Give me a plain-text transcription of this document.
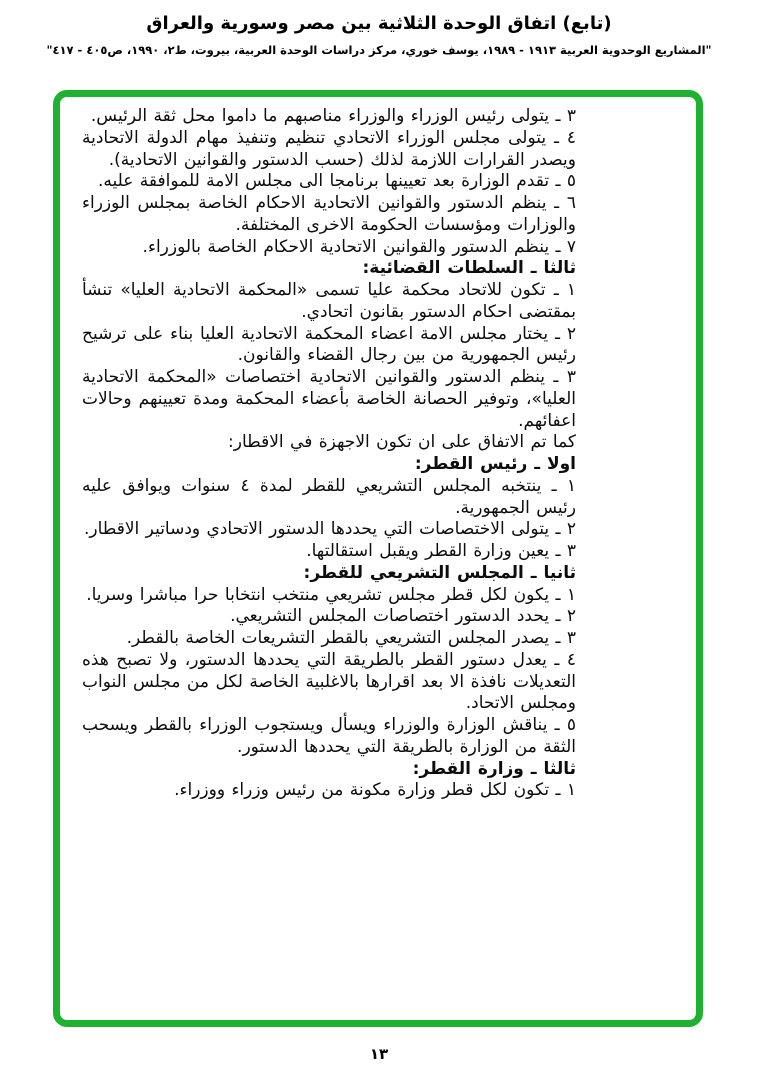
(تابع) اتفاق الوحدة الثلاثية بين مصر وسورية والعراق
"المشاريع الوحدوية العربية ١٩١٣ - ١٩٨٩، يوسف خوري، مركز دراسات الوحدة العربية، بيروت، ط٢، ١٩٩٠، ص٤٠٥ - ٤١٧"

٣ ـ يتولى رئيس الوزراء والوزراء مناصبهم ما داموا محل ثقة الرئيس.

٤ ـ يتولى مجلس الوزراء الاتحادي تنظيم وتنفيذ مهام الدولة الاتحادية ويصدر القرارات اللازمة لذلك (حسب الدستور والقوانين الاتحادية).

٥ ـ تقدم الوزارة بعد تعيينها برنامجا الى مجلس الامة للموافقة عليه.

٦ ـ ينظم الدستور والقوانين الاتحادية الاحكام الخاصة بمجلس الوزراء والوزارات ومؤسسات الحكومة الاخرى المختلفة.

٧ ـ ينظم الدستور والقوانين الاتحادية الاحكام الخاصة بالوزراء.

ثالثا ـ السلطات القضائية:

١ ـ تكون للاتحاد محكمة عليا تسمى «المحكمة الاتحادية العليا» تنشأ بمقتضى احكام الدستور بقانون اتحادي.

٢ ـ يختار مجلس الامة اعضاء المحكمة الاتحادية العليا بناء على ترشيح رئيس الجمهورية من بين رجال القضاء والقانون.

٣ ـ ينظم الدستور والقوانين الاتحادية اختصاصات «المحكمة الاتحادية العليا»، وتوفير الحصانة الخاصة بأعضاء المحكمة ومدة تعيينهم وحالات اعفائهم.

كما تم الاتفاق على ان تكون الاجهزة في الاقطار:

اولا ـ رئيس القطر:

١ ـ ينتخبه المجلس التشريعي للقطر لمدة ٤ سنوات ويوافق عليه رئيس الجمهورية.

٢ ـ يتولى الاختصاصات التي يحددها الدستور الاتحادي ودساتير الاقطار.

٣ ـ يعين وزارة القطر ويقبل استقالتها.

ثانيا ـ المجلس التشريعي للقطر:

١ ـ يكون لكل قطر مجلس تشريعي منتخب انتخابا حرا مباشرا وسريا.

٢ ـ يحدد الدستور اختصاصات المجلس التشريعي.

٣ ـ يصدر المجلس التشريعي بالقطر التشريعات الخاصة بالقطر.

٤ ـ يعدل دستور القطر بالطريقة التي يحددها الدستور، ولا تصبح هذه التعديلات نافذة الا بعد اقرارها بالاغلبية الخاصة لكل من مجلس النواب ومجلس الاتحاد.

٥ ـ يناقش الوزارة والوزراء ويسأل ويستجوب الوزراء بالقطر ويسحب الثقة من الوزارة بالطريقة التي يحددها الدستور.

ثالثا ـ وزارة القطر:

١ ـ تكون لكل قطر وزارة مكونة من رئيس وزراء ووزراء.

١٣
